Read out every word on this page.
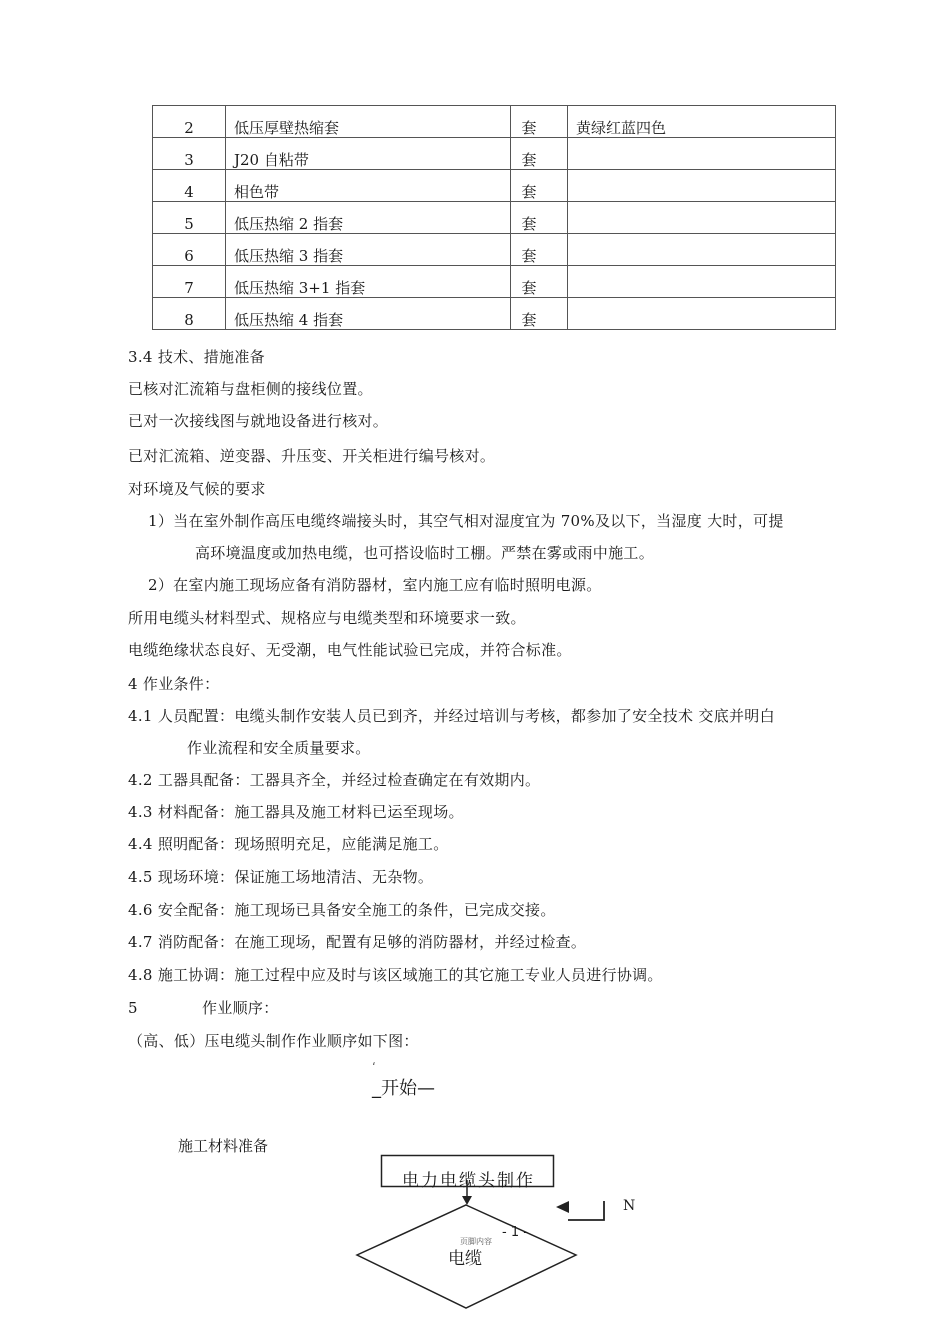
2	低压厚壁热缩套	套		黄绿红蓝四色
3	J20 自粘带	套		
4	相色带	套		
5	低压热缩 2 指套	套		
6	低压热缩 3 指套	套		
7	低压热缩 3+1 指套	套		
8	低压热缩 4 指套	套		
3.4 技术、措施准备
已核对汇流箱与盘柜侧的接线位置。
已对一次接线图与就地设备进行核对。
已对汇流箱、逆变器、升压变、开关柜进行编号核对。
对环境及气候的要求
1）当在室外制作高压电缆终端接头时，其空气相对湿度宜为 70%及以下，当湿度 大时，可提
高环境温度或加热电缆，也可搭设临时工棚。严禁在雾或雨中施工。
2）在室内施工现场应备有消防器材，室内施工应有临时照明电源。
所用电缆头材料型式、规格应与电缆类型和环境要求一致。
电缆绝缘状态良好、无受潮，电气性能试验已完成，并符合标准。
4 作业条件：
4.1 人员配置：电缆头制作安装人员已到齐，并经过培训与考核，都参加了安全技术 交底并明白
作业流程和安全质量要求。
4.2 工器具配备：工器具齐全，并经过检查确定在有效期内。
4.3 材料配备：施工器具及施工材料已运至现场。
4.4 照明配备：现场照明充足，应能满足施工。
4.5 现场环境：保证施工场地清洁、无杂物。
4.6 安全配备：施工现场已具备安全施工的条件，已完成交接。
4.7 消防配备：在施工现场，配置有足够的消防器材，并经过检查。
4.8 施工协调：施工过程中应及时与该区域施工的其它施工专业人员进行协调。
5	作业顺序：
（高、低）压电缆头制作作业顺序如下图：
ʻ
_开始—
施工材料准备
电力电缆头制作
N
电缆
- 1 -
页脚内容
